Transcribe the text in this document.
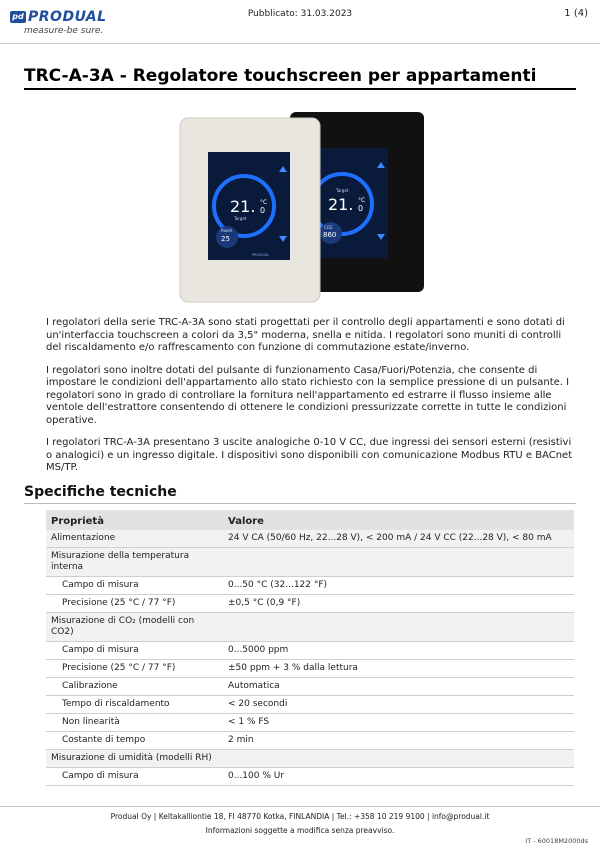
pd PRODUAL
measure‑be sure.
Pubblicato: 31.03.2023	1 (4)
TRC-A-3A - Regolatore touchscreen per appartamenti
21. °C
0
Target
CO2
860
21. °C
0
Target
Room
25
PRODUAL

I regolatori della serie TRC-A-3A sono stati progettati per il controllo degli appartamenti e sono dotati di un'interfaccia touchscreen a colori da 3,5" moderna, snella e nitida. I regolatori sono muniti di controlli del riscaldamento e/o raffrescamento con funzione di commutazione estate/inverno.

I regolatori sono inoltre dotati del pulsante di funzionamento Casa/Fuori/Potenzia, che consente di impostare le condizioni dell'appartamento allo stato richiesto con la semplice pressione di un pulsante. I regolatori sono in grado di controllare la fornitura nell'appartamento ed estrarre il flusso insieme alle ventole dell'estrattore consentendo di ottenere le condizioni pressurizzate corrette in tutte le condizioni operative.

I regolatori TRC-A-3A presentano 3 uscite analogiche 0-10 V CC, due ingressi dei sensori esterni (resistivi o analogici) e un ingresso digitale. I dispositivi sono disponibili con comunicazione Modbus RTU e BACnet MS/TP.

Specifiche tecniche
Proprietà	Valore
Alimentazione	24 V CA (50/60 Hz, 22...28 V), < 200 mA / 24 V CC (22...28 V), < 80 mA
Misurazione della temperatura interna	
Campo di misura	0...50 °C (32...122 °F)
Precisione (25 °C / 77 °F)	±0,5 °C (0,9 °F)
Misurazione di CO₂ (modelli con CO2)	
Campo di misura	0...5000 ppm
Precisione (25 °C / 77 °F)	±50 ppm + 3 % dalla lettura
Calibrazione	Automatica
Tempo di riscaldamento	< 20 secondi
Non linearità	< 1 % FS
Costante di tempo	2 min
Misurazione di umidità (modelli RH)	
Campo di misura	0...100 % Ur
Produal Oy | Keltakalliontie 18, FI 48770 Kotka, FINLANDIA | Tel.: +358 10 219 9100 | info@produal.it
Informazioni soggette a modifica senza preavviso.
IT - 60018M2000ds
